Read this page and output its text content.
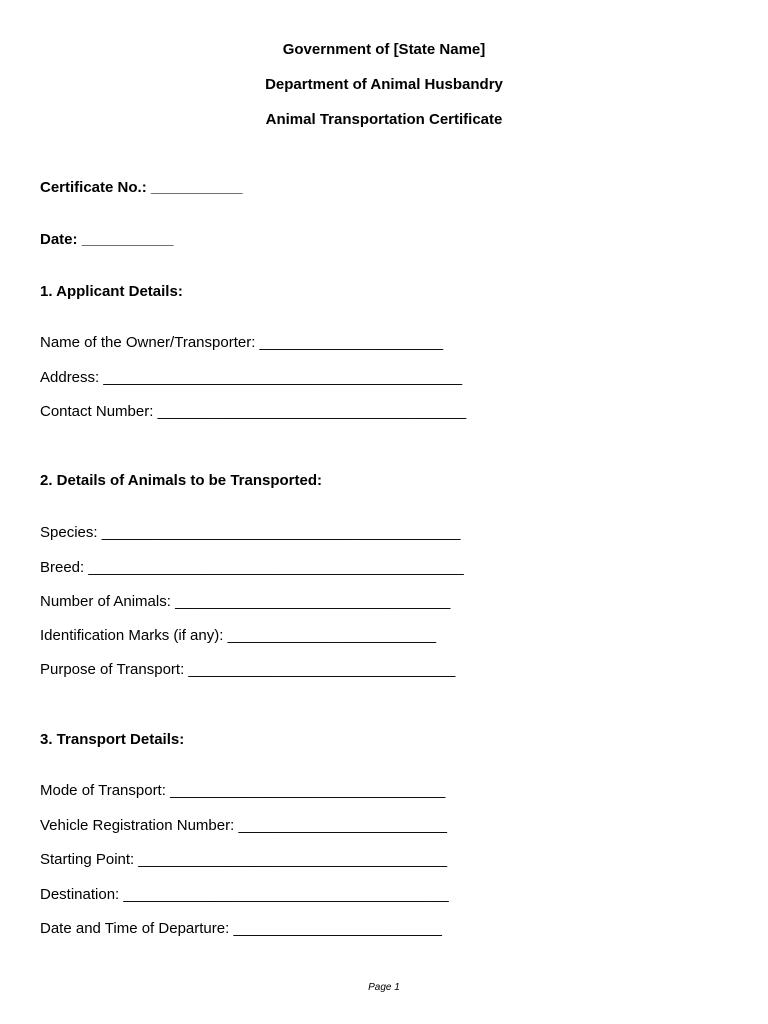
Government of [State Name]
Department of Animal Husbandry
Animal Transportation Certificate
Certificate No.: ___________
Date: ___________
1. Applicant Details:
Name of the Owner/Transporter: ______________________
Address: ___________________________________________
Contact Number: _____________________________________
2. Details of Animals to be Transported:
Species: ___________________________________________
Breed: _____________________________________________
Number of Animals: _________________________________
Identification Marks (if any): _________________________
Purpose of Transport: ________________________________
3. Transport Details:
Mode of Transport: _________________________________
Vehicle Registration Number: _________________________
Starting Point: _____________________________________
Destination: _______________________________________
Date and Time of Departure: _________________________
Page 1
